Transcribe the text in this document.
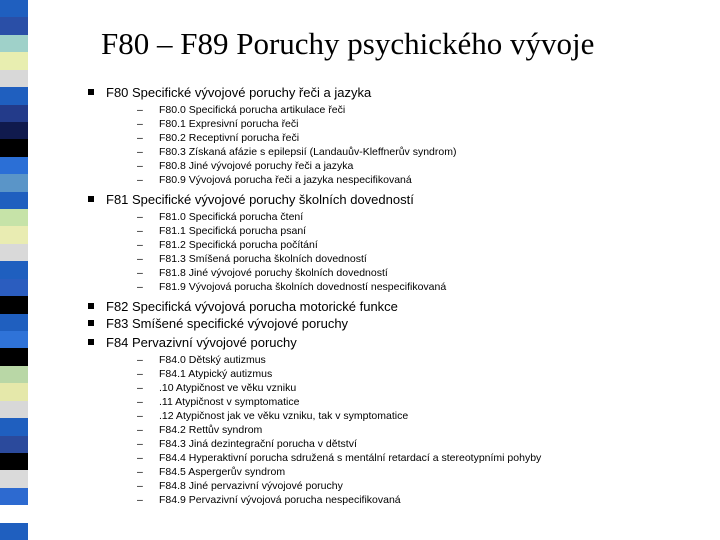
F80 – F89 Poruchy psychického vývoje
F80 Specifické vývojové poruchy řeči a jazyka
– F80.0 Specifická porucha artikulace řeči
– F80.1 Expresivní porucha řeči
– F80.2 Receptivní porucha řeči
– F80.3 Získaná afázie s epilepsií (Landauův-Kleffnerův syndrom)
– F80.8 Jiné vývojové poruchy řeči a jazyka
– F80.9 Vývojová porucha řeči a jazyka nespecifikovaná
F81 Specifické vývojové poruchy školních dovedností
– F81.0 Specifická porucha čtení
– F81.1 Specifická porucha psaní
– F81.2 Specifická porucha počítání
– F81.3 Smíšená porucha školních dovedností
– F81.8 Jiné vývojové poruchy školních dovedností
– F81.9 Vývojová porucha školních dovedností nespecifikovaná
F82 Specifická vývojová porucha motorické funkce
F83 Smíšené specifické vývojové poruchy
F84 Pervazivní vývojové poruchy
– F84.0 Dětský autizmus
– F84.1 Atypický autizmus
– .10 Atypičnost ve věku vzniku
– .11 Atypičnost v symptomatice
– .12 Atypičnost jak ve věku vzniku, tak v symptomatice
– F84.2 Rettův syndrom
– F84.3 Jiná dezintegrační porucha v dětství
– F84.4 Hyperaktivní porucha sdružená s mentální retardací a stereotypními pohyby
– F84.5 Aspergerův syndrom
– F84.8 Jiné pervazivní vývojové poruchy
– F84.9 Pervazivní vývojová porucha nespecifikovaná
